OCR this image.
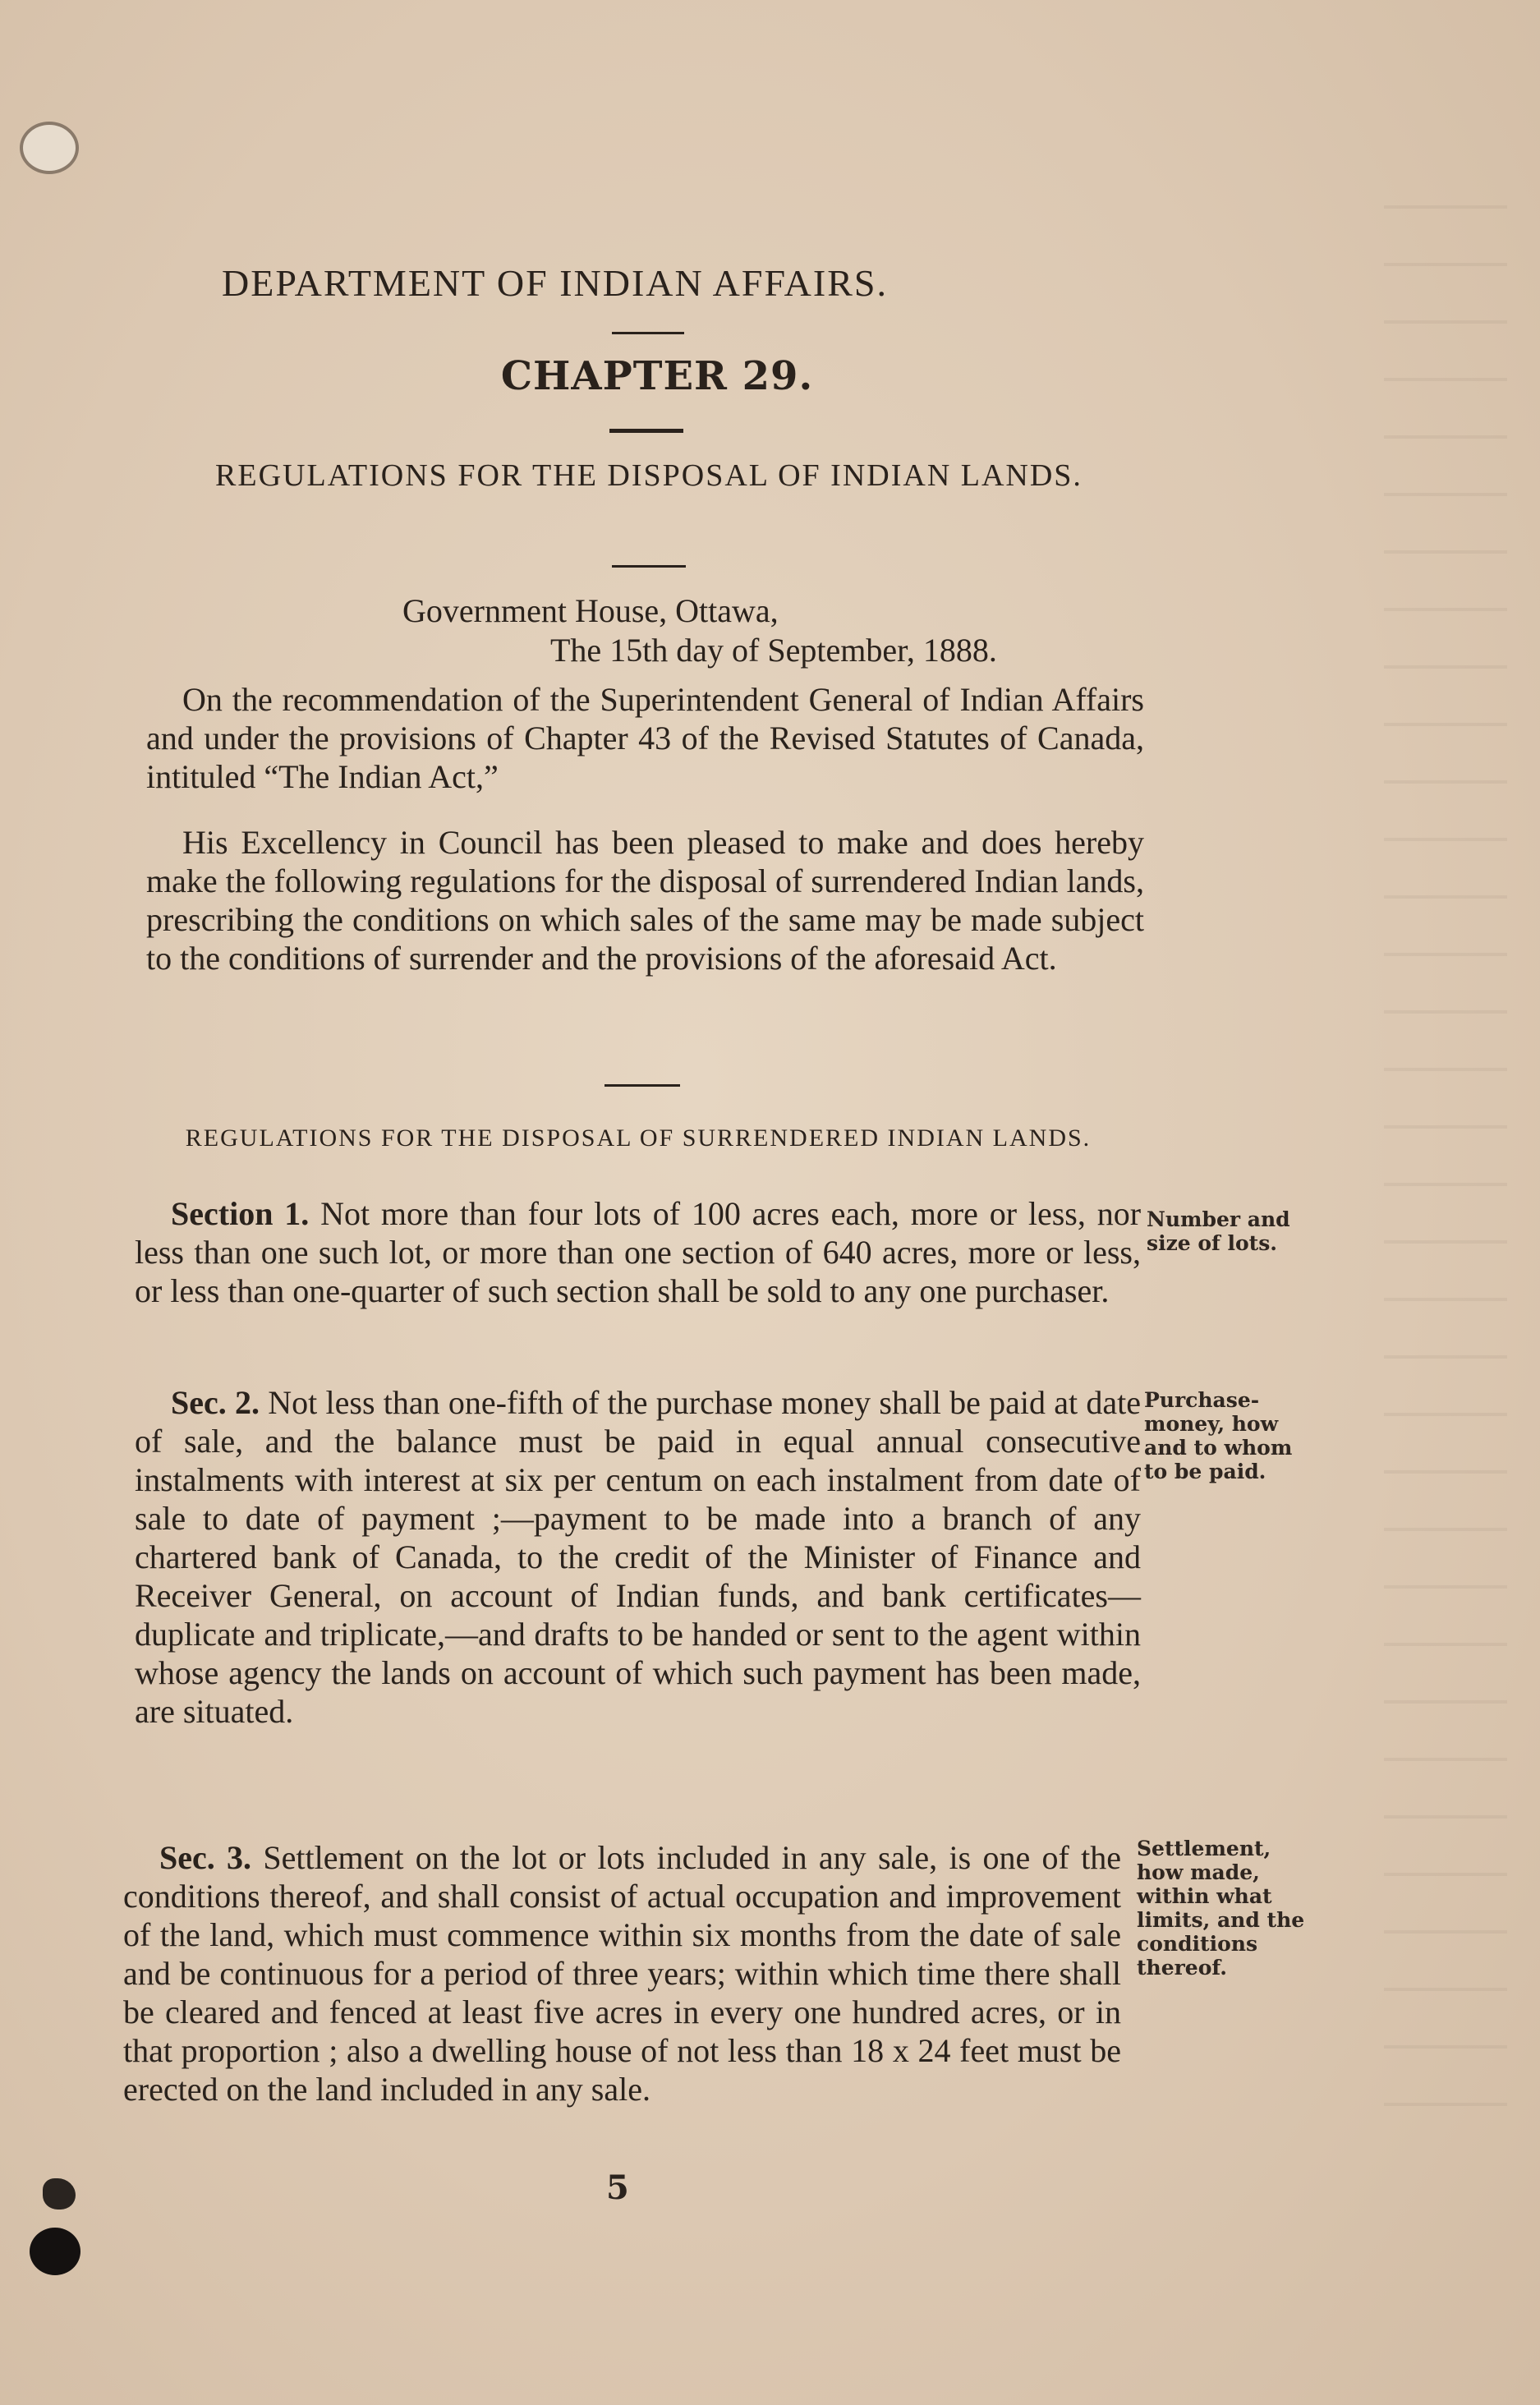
DEPARTMENT OF INDIAN AFFAIRS.
CHAPTER 29.
REGULATIONS FOR THE DISPOSAL OF INDIAN LANDS.
Government House, Ottawa,
The 15th day of September, 1888.
On the recommendation of the Superintendent General of Indian Affairs and under the provisions of Chapter 43 of the Revised Statutes of Canada, intituled “The Indian Act,”
His Excellency in Council has been pleased to make and does hereby make the following regulations for the disposal of surrendered Indian lands, prescribing the conditions on which sales of the same may be made subject to the conditions of surrender and the provisions of the aforesaid Act.
REGULATIONS FOR THE DISPOSAL OF SURRENDERED INDIAN LANDS.
Section 1. Not more than four lots of 100 acres each, more or less, nor less than one such lot, or more than one section of 640 acres, more or less, or less than one-quarter of such section shall be sold to any one purchaser.
Number and size of lots.
Sec. 2. Not less than one-fifth of the purchase money shall be paid at date of sale, and the balance must be paid in equal annual consecutive instalments with interest at six per centum on each instalment from date of sale to date of payment ;—payment to be made into a branch of any chartered bank of Canada, to the credit of the Minister of Finance and Receiver General, on account of Indian funds, and bank certificates—duplicate and triplicate,—and drafts to be handed or sent to the agent within whose agency the lands on account of which such payment has been made, are situated.
Purchase-money, how and to whom to be paid.
Sec. 3. Settlement on the lot or lots included in any sale, is one of the conditions thereof, and shall consist of actual occupation and improvement of the land, which must commence within six months from the date of sale and be continuous for a period of three years; within which time there shall be cleared and fenced at least five acres in every one hundred acres, or in that proportion ; also a dwelling house of not less than 18 x 24 feet must be erected on the land included in any sale.
Settlement, how made, within what limits, and the conditions thereof.
5
